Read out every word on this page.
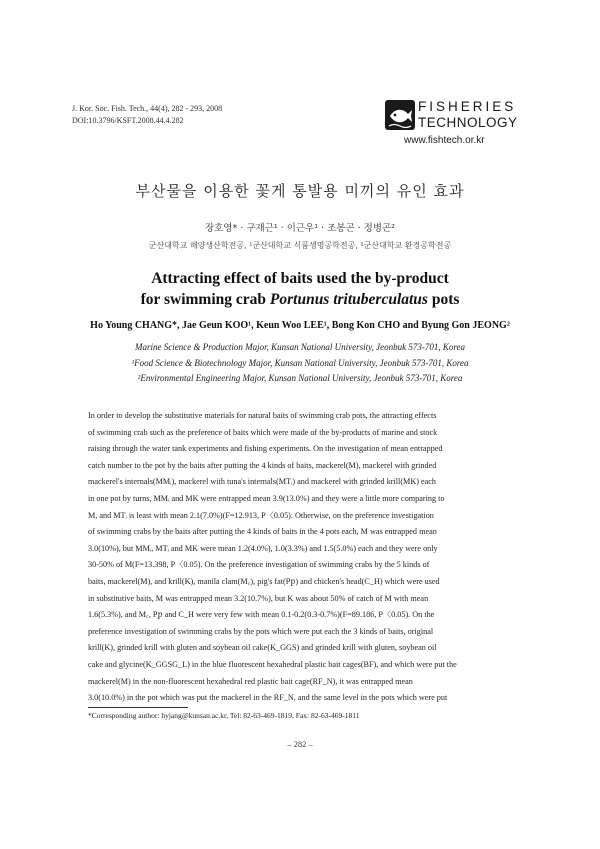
J. Kor. Soc. Fish. Tech., 44(4), 282 - 293, 2008
DOI:10.3796/KSFT.2008.44.4.282
FISHERIES
TECHNOLOGY
www.fishtech.or.kr
부산물을 이용한 꽃게 통발용 미끼의 유인 효과
장호영* · 구재근¹ · 이근우¹ · 조봉곤 · 정병곤²
군산대학교 해양생산학전공, ¹군산대학교 식품생명공학전공, ²군산대학교 환경공학전공
Attracting effect of baits used the by-product
for swimming crab Portunus trituberculatus pots
Ho Young CHANG*, Jae Geun KOO¹, Keun Woo LEE¹, Bong Kon CHO and Byung Gon JEONG²
Marine Science & Production Major, Kunsan National University, Jeonbuk 573-701, Korea
¹Food Science & Biotechnology Major, Kunsan National University, Jeonbuk 573-701, Korea
²Environmental Engineering Major, Kunsan National University, Jeonbuk 573-701, Korea
In order to develop the substitutive materials for natural baits of swimming crab pots, the attracting effects
of swimming crab such as the preference of baits which were made of the by-products of marine and stock
raising through the water tank experiments and fishing experiments. On the investigation of mean entrapped
catch number to the pot by the baits after putting the 4 kinds of baits, mackerel(M), mackerel with grinded
mackerel's internals(MMᵢ), mackerel with tuna's internals(MTᵢ) and mackerel with grinded krill(MK) each
in one pot by turns, MMᵢ and MK were entrapped mean 3.9(13.0%) and they were a little more comparing to
M, and MTᵢ is least with mean 2.1(7.0%)(F=12.913, P〈0.05). Otherwise, on the preference investigation
of swimming crabs by the baits after putting the 4 kinds of baits in the 4 pots each, M was entrapped mean
3.0(10%), but MMᵢ, MTᵢ and MK were mean 1.2(4.0%), 1.0(3.3%) and 1.5(5.0%) each and they were only
30-50% of M(F=13.398, P〈0.05). On the preference investigation of swimming crabs by the 5 kinds of
baits, mackerel(M), and krill(K), manila clam(M꜀), pig's fat(Pբ) and chicken's head(C_H) which were used
in substitutive baits, M was entrapped mean 3.2(10.7%), but K was about 50% of catch of M with mean
1.6(5.3%), and M꜀, Pբ and C_H were very few with mean 0.1-0.2(0.3-0.7%)(F=89.186, P〈0.05). On the
preference investigation of swimming crabs by the pots which were put each the 3 kinds of baits, original
krill(K), grinded krill with gluten and soybean oil cake(K_GGS) and grinded krill with gluten, soybean oil
cake and glycine(K_GGSG_L) in the blue fluorescent hexahedral plastic bait cages(BF), and which were put the
mackerel(M) in the non-fluorescent hexahedral red plastic bait cage(RF_N), it was entrapped mean
3.0(10.0%) in the pot which was put the mackerel in the RF_N, and the same level in the pots which were put
*Corresponding author: hyjang@kunsan.ac.kr, Tel: 82-63-469-1819, Fax: 82-63-469-1811
– 282 –
